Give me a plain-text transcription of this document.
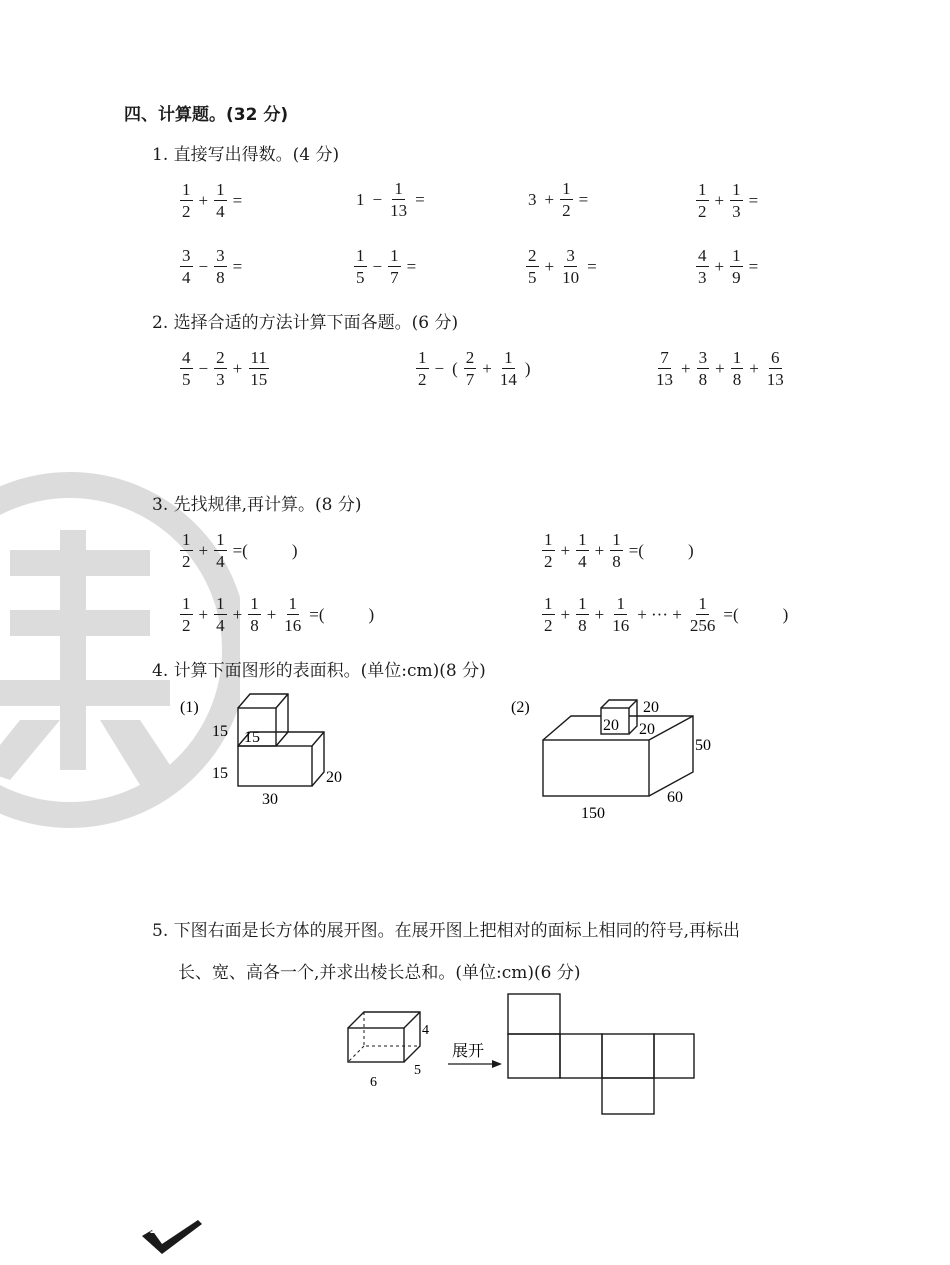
四、计算题。(32 分)
1. 直接写出得数。(4 分)
$\frac{1}{2} + \frac{1}{4}$ =	$1 - \frac{1}{13}$ =	$3 + \frac{1}{2}$ =	$\frac{1}{2} + \frac{1}{3}$ =
$\frac{3}{4} - \frac{3}{8}$ =	$\frac{1}{5} - \frac{1}{7}$ =	$\frac{2}{5} + \frac{3}{10}$ =	$\frac{4}{3} + \frac{1}{9}$ =
2. 选择合适的方法计算下面各题。(6 分)
$\frac{4}{5} - \frac{2}{3} + \frac{11}{15}$	$\frac{1}{2}$ − ( $\frac{2}{7} + \frac{1}{14}$ )	$\frac{7}{13} + \frac{3}{8} + \frac{1}{8} + \frac{6}{13}$
3. 先找规律,再计算。(8 分)
$\frac{1}{2} + \frac{1}{4}$ =(	)	$\frac{1}{2} + \frac{1}{4} + \frac{1}{8}$ =(	)
$\frac{1}{2} + \frac{1}{4} + \frac{1}{8} + \frac{1}{16}$ =(	)	$\frac{1}{2} + \frac{1}{8} + \frac{1}{16}$ + ··· + $\frac{1}{256}$ =(	)
4. 计算下面图形的表面积。(单位:cm)(8 分)
(1)
15 15
15	20
30
(2)	20
20 20
50
60
150
5. 下图右面是长方体的展开图。在展开图上把相对的面标上相同的符号,再标出
长、宽、高各一个,并求出棱长总和。(单位:cm)(6 分)
4
5
6
展开
12
